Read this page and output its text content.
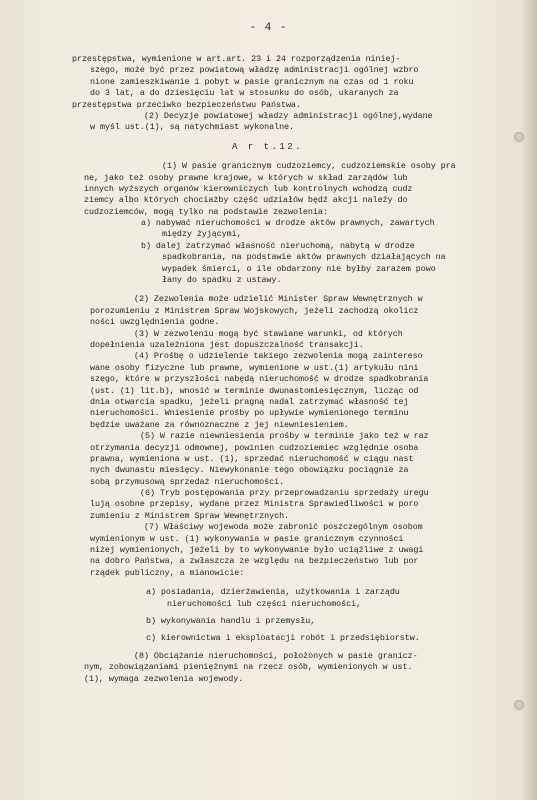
- 4 -
przestępstwa, wymienione w art.art. 23 i 24 rozporządzenia niniej-
szego, może być przez powiatową władzę administracji ogólnej wzbro
nione zamieszkiwanie i pobyt w pasie granicznym na czas od 1 roku
do 3 lat, a do dziesięciu lat w stosunku do osób, ukaranych za
przestępstwa przeciwko bezpieczeństwu Państwa.
(2) Decyzje powiatowej władzy administracji ogólnej,wydane
w myśl ust.(1), są natychmiast wykonalne.
A r t.12.
(1) W pasie granicznym cudzoziemcy, cudzoziemskie osoby pra
ne, jako też osoby prawne krajowe, w których w skład zarządów lub
innych wyższych organów kierowniczych lub kontrolnych wchodzą cudz
ziemcy albo których chociażby część udziałów będź akcji należy do
cudzoziemców, mogą tylko na podstawie zezwolenia:
a) nabywać nieruchomości w drodze aktów prawnych, zawartych
między żyjącymi,
b) dalej zatrzymać własność nieruchomą, nabytą w drodze
spadkobrania, na podstawie aktów prawnych działających na
wypadek śmierci, o ile obdarzony nie byłby zarazem powo
łany do spadku z ustawy.
(2) Zezwolenia może udzielić Minister Spraw Wewnętrznych w
porozumieniu z Ministrem Spraw Wojskowych, jeżeli zachodzą okolicz
ności uwzględnienia godne.
(3) W zezwoleniu mogą być stawiane warunki, od których
dopełnienia uzależniona jest dopuszczalność transakcji.
(4) Prośbę o udzielenie takiego zezwolenia mogą zaintereso
wane osoby fizyczne lub prawne, wymienione w ust.(1) artykułu nini
szego, które w przyszłości nabędą nieruchomość w drodze spadkobrania
(ust. (1) lit.b), wnosić w terminie dwunastomiesięcznym, licząc od
dnia otwarcia spadku, jeżeli pragną nadal zatrzymać własność tej
nieruchomości. Wniesienie prośby po upływie wymienionego terminu
będzie uważane za równoznaczne z jej niewniesieniem.
(5) W razie niewniesienia prośby w terminie jako też w raz
otrzymania decyzji odmownej, powinien cudzoziemiec względnie osoba
prawna, wymieniona w ust. (1), sprzedać nieruchomość w ciągu nast
nych dwunastu miesięcy. Niewykonanie tego obowiązku pociągnie za
sobą przymusową sprzedaż nieruchomości.
(6) Tryb postępowania przy przeprowadzaniu sprzedaży uregu
lują osobne przepisy, wydane przez Ministra Sprawiedliwości w poro
zumieniu z Ministrem Spraw Wewnętrznych.
(7) Właściwy wojewoda może zabronić poszczególnym osobom
wymienionym w ust. (1) wykonywania w pasie granicznym czynności
niżej wymienionych, jeżeli by to wykonywanie było uciążliwe z uwagi
na dobro Państwa, a zwłaszcza ze względu na bezpieczeństwo lub por
rządek publiczny, a mianowicie:
a) posiadania, dzierżawienia, użytkowania i zarządu
nieruchomości lub części nieruchomości,
b) wykonywania handlu i przemysłu,
c) kierownictwa i eksploatacji robót i przedsiębiorstw.
(8) Obciążanie nieruchomości, położonych w pasie granicz-
nym, zobowiązaniami pieniężnymi na rzecz osób, wymienionych w ust.
(1), wymaga zezwolenia wojewody.
